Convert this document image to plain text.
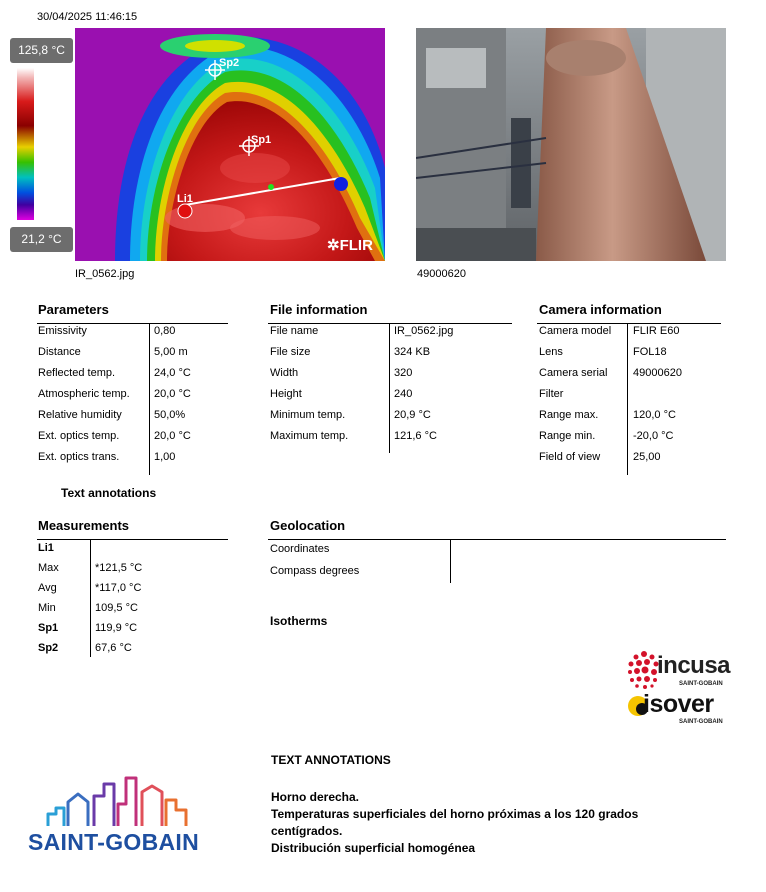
30/04/2025 11:46:15
125,8 °C
21,2 °C
Sp2
Sp1
Li1
✲FLIR
IR_0562.jpg	49000620
Parameters
Emissivity	0,80
Distance	5,00 m
Reflected temp.	24,0 °C
Atmospheric temp. 20,0 °C
Relative humidity	50,0%
Ext. optics temp.	20,0 °C
Ext. optics trans.	1,00
File information
File name	IR_0562.jpg
File size	324 KB
Width	320
Height	240
Minimum temp.	20,9 °C
Maximum temp.	121,6 °C
Camera information
Camera model FLIR E60
Lens	FOL18
Camera serial 49000620
Filter
Range max.	120,0 °C
Range min.	-20,0 °C
Field of view	25,00
Text annotations
Measurements
Li1
Max	*121,5 °C
Avg	*117,0 °C
Min	109,5 °C
Sp1	119,9 °C
Sp2	67,6 °C
Geolocation
Coordinates
Compass degrees
Isotherms
incusa
SAINT-GOBAIN
isover
SAINT-GOBAIN
SAINT-GOBAIN
TEXT ANNOTATIONS
Horno derecha.
Temperaturas superficiales del horno próximas a los 120 grados centígrados.
Distribución superficial homogénea
